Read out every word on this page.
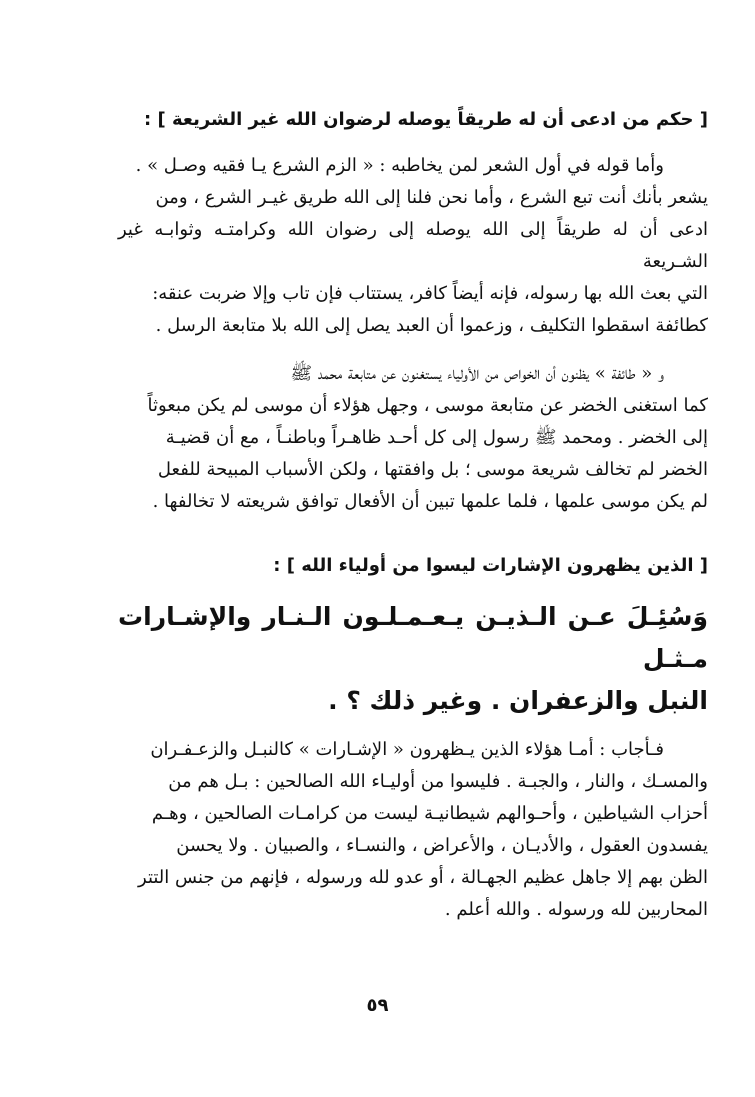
[ حكم من ادعى أن له طريقاً يوصله لرضوان الله غير الشريعة ] :

وأما قوله في أول الشعر لمن يخاطبه : « الزم الشرع يـا فقيه وصـل » .

يشعر بأنك أنت تبع الشرع ، وأما نحن فلنا إلى الله طريق غيـر الشرع ، ومن

ادعى أن له طريقاً إلى الله يوصله إلى رضوان الله وكرامتـه وثوابـه غير الشـريعة

التي بعث الله بها رسوله، فإنه أيضاً كافر، يستتاب فإن تاب وإلا ضربت عنقه:

كطائفة اسقطوا التكليف ، وزعموا أن العبد يصل إلى الله بلا متابعة الرسل .

و « طائفة » يظنون أن الخواص من الأولياء يستغنون عن متابعة محمد ﷺ

كما استغنى الخضر عن متابعة موسى ، وجهل هؤلاء أن موسى لم يكن مبعوثاً

إلى الخضر . ومحمد ﷺ رسول إلى كل أحـد ظاهـراً وباطنـاً ، مع أن قضيـة

الخضر لم تخالف شريعة موسى ؛ بل وافقتها ، ولكن الأسباب المبيحة للفعل

لم يكن موسى علمها ، فلما علمها تبين أن الأفعال توافق شريعته لا تخالفها .

[ الذين يظهرون الإشارات ليسوا من أولياء الله ] :

وَسُئِـلَ عـن الـذيـن يـعـمـلـون الـنـار والإشـارات مـثـل

النبل والزعفران . وغير ذلك ؟ .

فـأجاب : أمـا هؤلاء الذين يـظهرون « الإشـارات » كالنبـل والزعـفـران

والمسـك ، والنار ، والجبـة . فليسوا من أوليـاء الله الصالحين : بـل هم من

أحزاب الشياطين ، وأحـوالهم شيطانيـة ليست من كرامـات الصالحين ، وهـم

يفسدون العقول ، والأديـان ، والأعراض ، والنسـاء ، والصبيان . ولا يحسن

الظن بهم إلا جاهل عظيم الجهـالة ، أو عدو لله ورسوله ، فإنهم من جنس التتر

المحاربين لله ورسوله . والله أعلم .

٥٩
